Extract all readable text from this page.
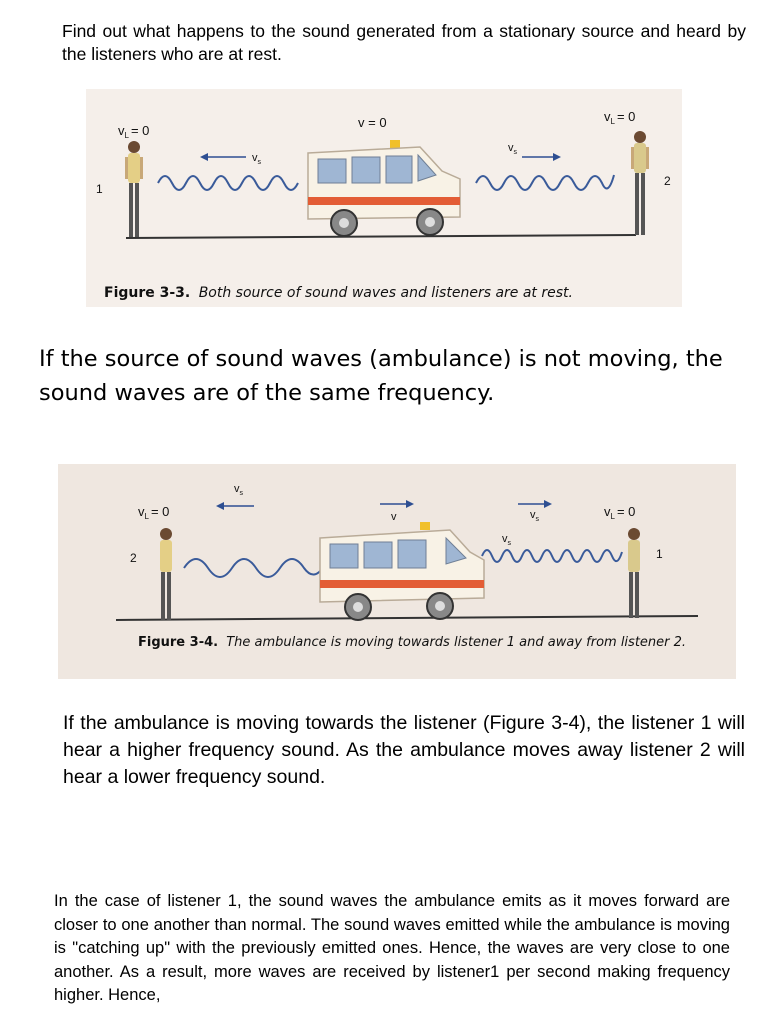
Find out what happens to the sound generated from a stationary source and heard by the listeners who are at rest.
$v_L = 0$
v = 0	$v_L = 0$
1
2
$v_s$
$v_s$
Figure 3-3. Both source of sound waves and listeners are at rest.
If the source of sound waves (ambulance) is not moving, the sound waves are of the same frequency.
$v_s$
$v_L = 0$	v	$v_s$
$v_L = 0$
2	1
$v_s$
Figure 3-4. The ambulance is moving towards listener 1 and away from listener 2.
If the ambulance is moving towards the listener (Figure 3-4), the listener 1 will hear a higher frequency sound. As the ambulance moves away listener 2 will hear a lower frequency sound.
In the case of listener 1, the sound waves the ambulance emits as it moves forward are closer to one another than normal. The sound waves emitted while the ambulance is moving is "catching up" with the previously emitted ones. Hence, the waves are very close to one another. As a result, more waves are received by listener1 per second making frequency higher. Hence,
